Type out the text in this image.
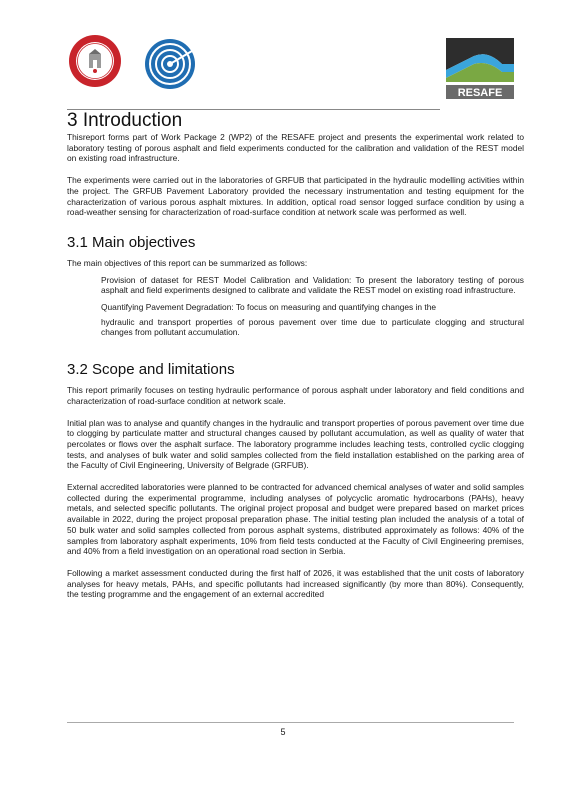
RESAFE
3 Introduction

Thisreport forms part of Work Package 2 (WP2) of the RESAFE project and presents the experimental work related to laboratory testing of porous asphalt and field experiments conducted for the calibration and validation of the REST model on existing road infrastructure.

The experiments were carried out in the laboratories of GRFUB that participated in the hydraulic modelling activities within the project. The GRFUB Pavement Laboratory provided the necessary instrumentation and testing equipment for the characterization of various porous asphalt mixtures. In addition, optical road sensor logged surface condition by using a road-weather sensing for characterization of road-surface condition at network scale was performed as well.

3.1 Main objectives

The main objectives of this report can be summarized as follows:

Provision of dataset for REST Model Calibration and Validation: To present the laboratory testing of porous asphalt and field experiments designed to calibrate and validate the REST model on existing road infrastructure.

Quantifying Pavement Degradation: To focus on measuring and quantifying changes in the

hydraulic and transport properties of porous pavement over time due to particulate clogging and structural changes from pollutant accumulation.

3.2 Scope and limitations

This report primarily focuses on testing hydraulic performance of porous asphalt under laboratory and field conditions and characterization of road-surface condition at network scale.

Initial plan was to analyse and quantify changes in the hydraulic and transport properties of porous pavement over time due to clogging by particulate matter and structural changes caused by pollutant accumulation, as well as quality of water that percolates or flows over the asphalt surface. The laboratory programme includes leaching tests, controlled cyclic clogging tests, and analyses of bulk water and solid samples collected from the field installation established on the parking area of the Faculty of Civil Engineering, University of Belgrade (GRFUB).

External accredited laboratories were planned to be contracted for advanced chemical analyses of water and solid samples collected during the experimental programme, including analyses of polycyclic aromatic hydrocarbons (PAHs), heavy metals, and selected specific pollutants. The original project proposal and budget were prepared based on market prices available in 2022, during the project proposal preparation phase. The initial testing plan included the analysis of a total of 50 bulk water and solid samples collected from porous asphalt systems, distributed approximately as follows: 40% of the samples from laboratory asphalt experiments, 10% from field tests conducted at the Faculty of Civil Engineering premises, and 40% from a field investigation on an operational road section in Serbia.

Following a market assessment conducted during the first half of 2026, it was established that the unit costs of laboratory analyses for heavy metals, PAHs, and specific pollutants had increased significantly (by more than 80%). Consequently, the testing programme and the engagement of an external accredited

5
